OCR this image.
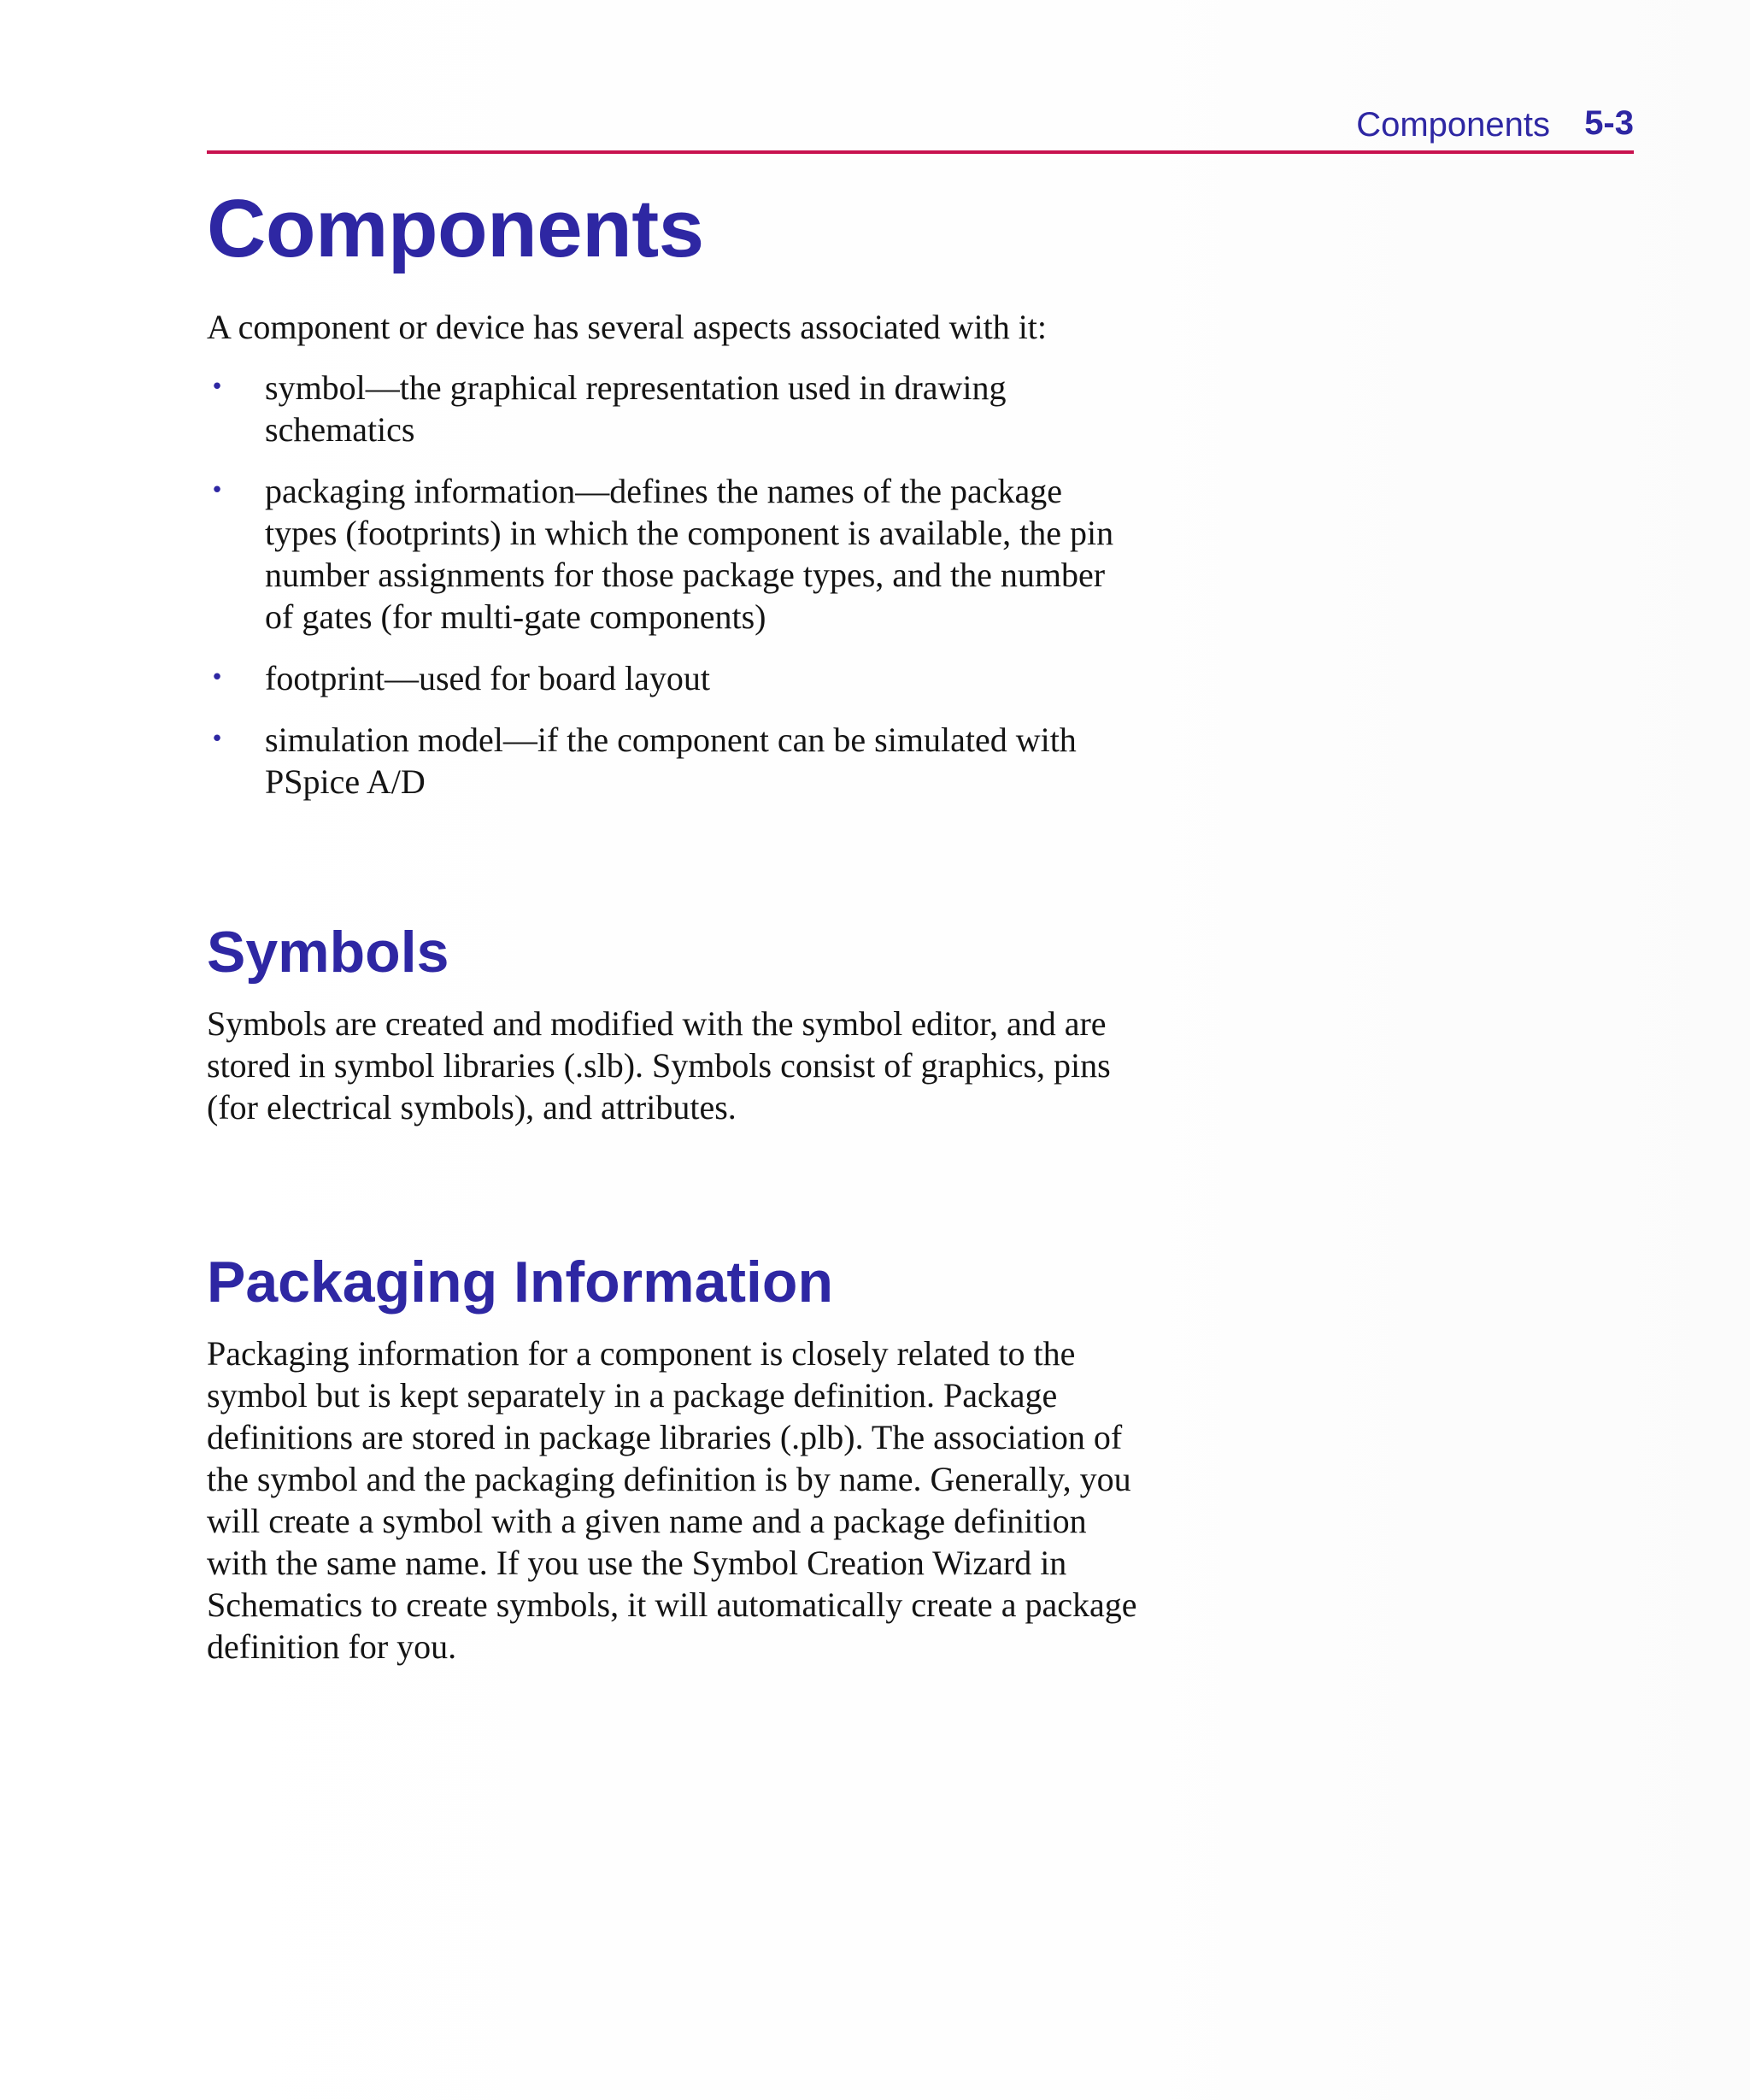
Components 5-3
Components

A component or device has several aspects associated with it:

• symbol—the graphical representation used in drawing schematics
• packaging information—defines the names of the package types (footprints) in which the component is available, the pin number assignments for those package types, and the number of gates (for multi-gate components)
• footprint—used for board layout
• simulation model—if the component can be simulated with PSpice A/D
Symbols

Symbols are created and modified with the symbol editor, and are stored in symbol libraries (.slb). Symbols consist of graphics, pins (for electrical symbols), and attributes.

Packaging Information

Packaging information for a component is closely related to the symbol but is kept separately in a package definition. Package definitions are stored in package libraries (.plb). The association of the symbol and the packaging definition is by name. Generally, you will create a symbol with a given name and a package definition with the same name. If you use the Symbol Creation Wizard in Schematics to create symbols, it will automatically create a package definition for you.
